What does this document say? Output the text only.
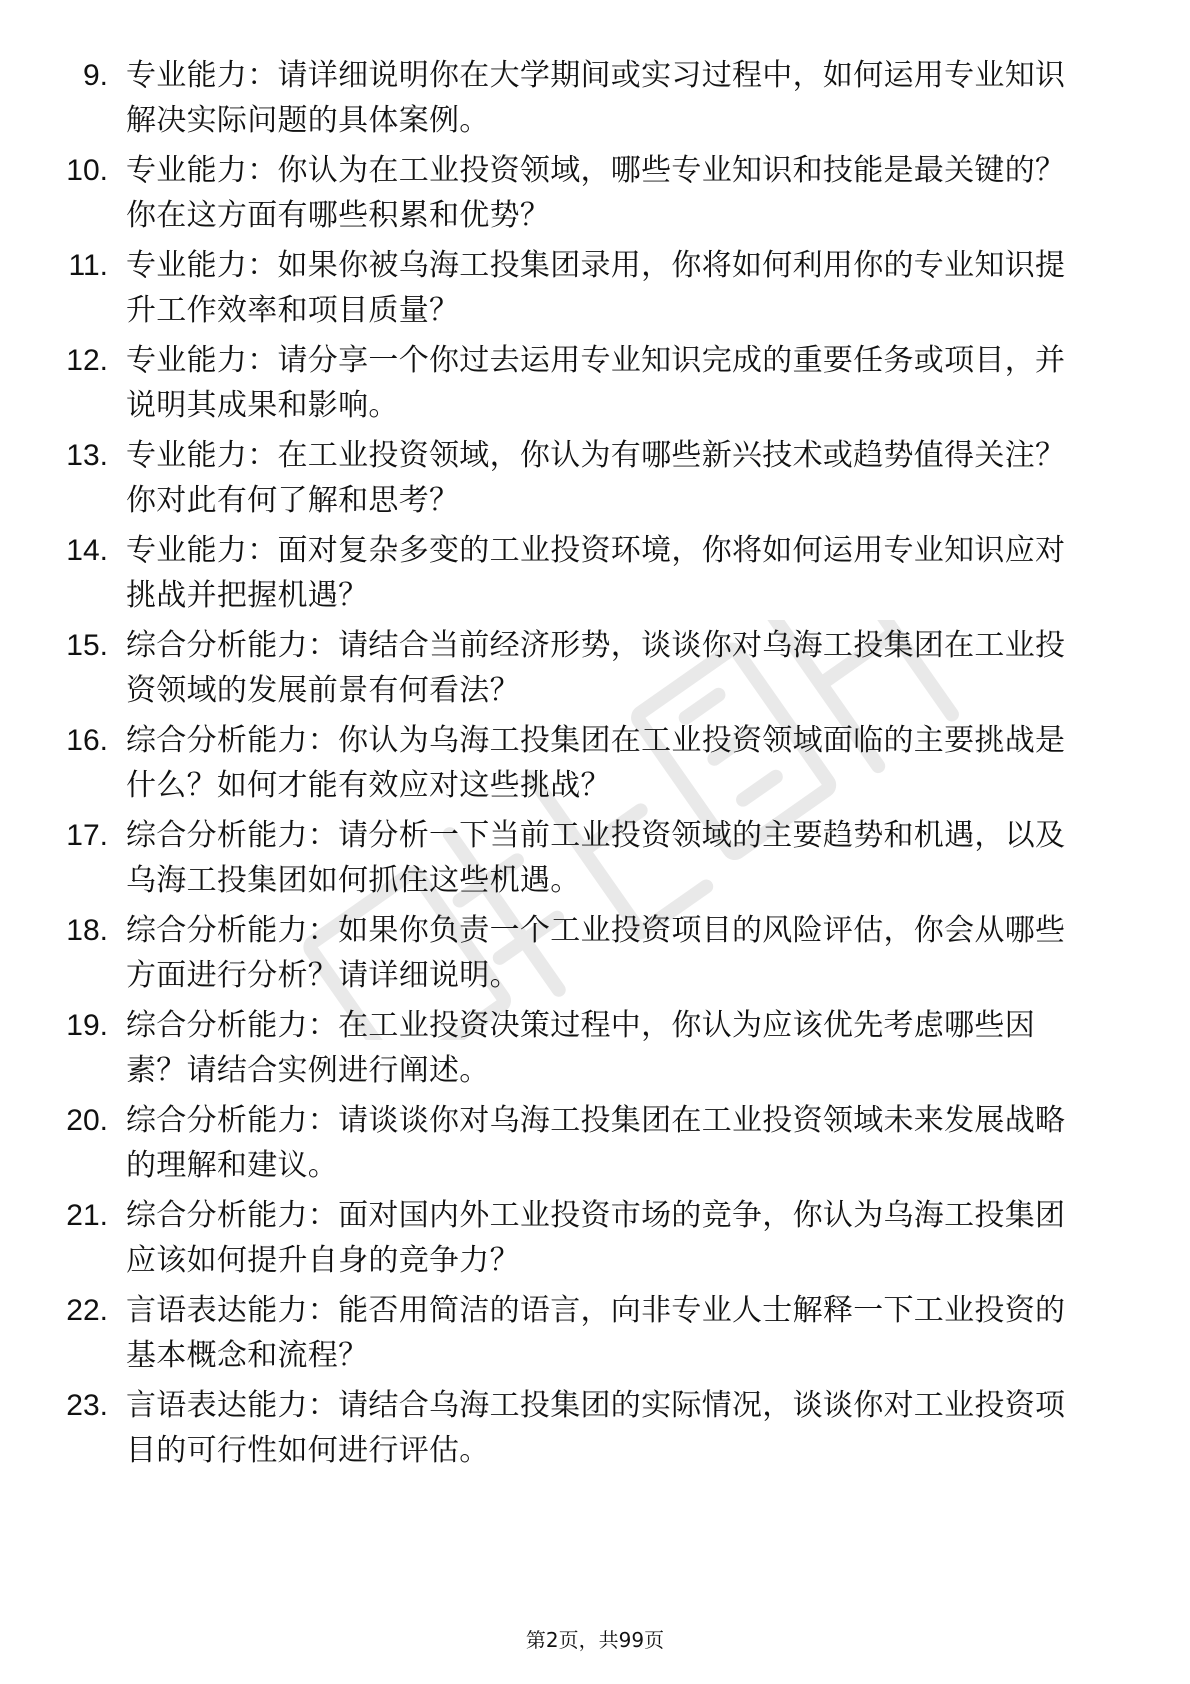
9. 专业能力：请详细说明你在大学期间或实习过程中，如何运用专业知识解决实际问题的具体案例。
10. 专业能力：你认为在工业投资领域，哪些专业知识和技能是最关键的？你在这方面有哪些积累和优势？
11. 专业能力：如果你被乌海工投集团录用，你将如何利用你的专业知识提升工作效率和项目质量？
12. 专业能力：请分享一个你过去运用专业知识完成的重要任务或项目，并说明其成果和影响。
13. 专业能力：在工业投资领域，你认为有哪些新兴技术或趋势值得关注？你对此有何了解和思考？
14. 专业能力：面对复杂多变的工业投资环境，你将如何运用专业知识应对挑战并把握机遇？
15. 综合分析能力：请结合当前经济形势，谈谈你对乌海工投集团在工业投资领域的发展前景有何看法？
16. 综合分析能力：你认为乌海工投集团在工业投资领域面临的主要挑战是什么？如何才能有效应对这些挑战？
17. 综合分析能力：请分析一下当前工业投资领域的主要趋势和机遇，以及乌海工投集团如何抓住这些机遇。
18. 综合分析能力：如果你负责一个工业投资项目的风险评估，你会从哪些方面进行分析？请详细说明。
19. 综合分析能力：在工业投资决策过程中，你认为应该优先考虑哪些因素？请结合实例进行阐述。
20. 综合分析能力：请谈谈你对乌海工投集团在工业投资领域未来发展战略的理解和建议。
21. 综合分析能力：面对国内外工业投资市场的竞争，你认为乌海工投集团应该如何提升自身的竞争力？
22. 言语表达能力：能否用简洁的语言，向非专业人士解释一下工业投资的基本概念和流程？
23. 言语表达能力：请结合乌海工投集团的实际情况，谈谈你对工业投资项目的可行性如何进行评估。
第2页，共99页
